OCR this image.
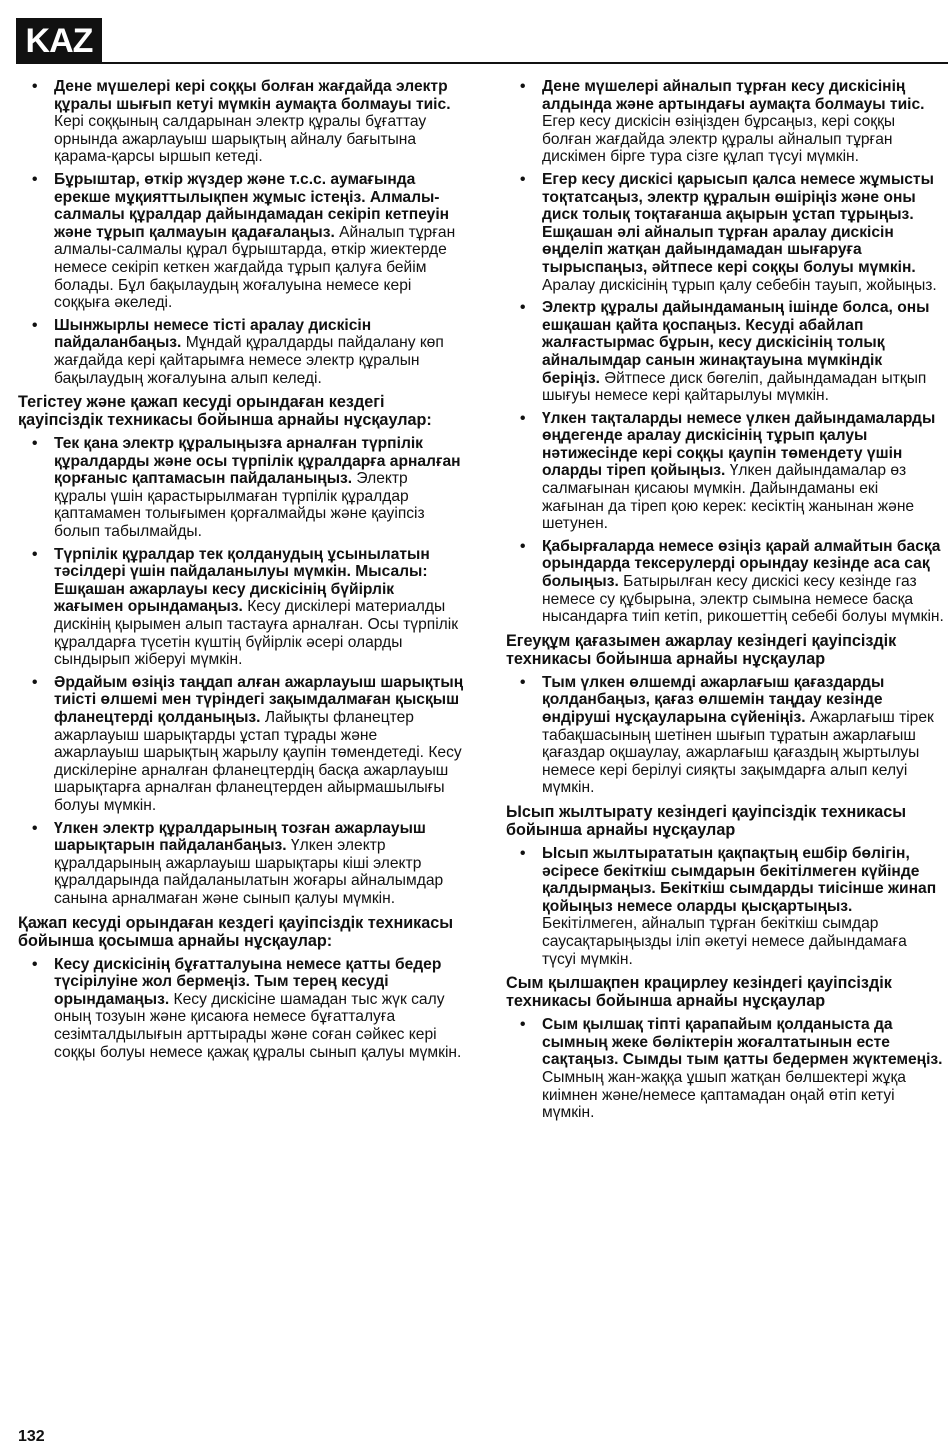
KAZ
• Дене мүшелері кері соққы болған жағдайда электр құралы шығып кетуі мүмкін аумақта болмауы тиіс. Кері соққының салдарынан электр құралы бұғаттау орнында ажарлауыш шарықтың айналу бағытына қарама-қарсы ыршып кетеді.
• Бұрыштар, өткір жүздер және т.с.с. аумағында ерекше мұқияттылықпен жұмыс істеңіз. Алмалы-салмалы құралдар дайындамадан секіріп кетпеуін және тұрып қалмауын қадағалаңыз. Айналып тұрған алмалы-салмалы құрал бұрыштарда, өткір жиектерде немесе секіріп кеткен жағдайда тұрып қалуға бейім болады. Бұл бақылаудың жоғалуына немесе кері соққыға әкеледі.
• Шынжырлы немесе тісті аралау дискісін пайдаланбаңыз. Мұндай құралдарды пайдалану көп жағдайда кері қайтарымға немесе электр құралын бақылаудың жоғалуына алып келеді.
Тегістеу және қажап кесуді орындаған кездегі қауіпсіздік техникасы бойынша арнайы нұсқаулар:
• Тек қана электр құралыңызға арналған түрпілік құралдарды және осы түрпілік құралдарға арналған қорғаныс қаптамасын пайдаланыңыз. Электр құралы үшін қарастырылмаған түрпілік құралдар қаптамамен толығымен қорғалмайды және қауіпсіз болып табылмайды.
• Түрпілік құралдар тек қолданудың ұсынылатын тәсілдері үшін пайдаланылуы мүмкін. Мысалы: Ешқашан ажарлауы кесу дискісінің бүйірлік жағымен орындамаңыз. Кесу дискілері материалды дискінің қырымен алып тастауға арналған. Осы түрпілік құралдарға түсетін күштің бүйірлік әсері оларды сындырып жіберуі мүмкін.
• Әрдайым өзіңіз таңдап алған ажарлауыш шарықтың тиісті өлшемі мен түріндегі зақымдалмаған қысқыш фланецтерді қолданыңыз. Лайықты фланецтер ажарлауыш шарықтарды ұстап тұрады және ажарлауыш шарықтың жарылу қаупін төмендетеді. Кесу дискілеріне арналған фланецтердің басқа ажарлауыш шарықтарға арналған фланецтерден айырмашылығы болуы мүмкін.
• Үлкен электр құралдарының тозған ажарлауыш шарықтарын пайдаланбаңыз. Үлкен электр құралдарының ажарлауыш шарықтары кіші электр құралдарында пайдаланылатын жоғары айналымдар санына арналмаған және сынып қалуы мүмкін.
Қажап кесуді орындаған кездегі қауіпсіздік техникасы бойынша қосымша арнайы нұсқаулар:
• Кесу дискісінің бұғатталуына немесе қатты бедер түсірілуіне жол бермеңіз. Тым терең кесуді орындамаңыз. Кесу дискісіне шамадан тыс жүк салу оның тозуын және қисаюға немесе бұғатталуға сезімталдылығын арттырады және соған сәйкес кері соққы болуы немесе қажақ құралы сынып қалуы мүмкін.
• Дене мүшелері айналып тұрған кесу дискісінің алдында және артындағы аумақта болмауы тиіс. Егер кесу дискісін өзіңізден бұрсаңыз, кері соққы болған жағдайда электр құралы айналып тұрған дискімен бірге тура сізге құлап түсуі мүмкін.
• Егер кесу дискісі қарысып қалса немесе жұмысты тоқтатсаңыз, электр құралын өшіріңіз және оны диск толық тоқтағанша ақырын ұстап тұрыңыз. Ешқашан әлі айналып тұрған аралау дискісін өңделіп жатқан дайындамадан шығаруға тырыспаңыз, әйтпесе кері соққы болуы мүмкін. Аралау дискісінің тұрып қалу себебін тауып, жойыңыз.
• Электр құралы дайындаманың ішінде болса, оны ешқашан қайта қоспаңыз. Кесуді абайлап жалғастырмас бұрын, кесу дискісінің толық айналымдар санын жинақтауына мүмкіндік беріңіз. Әйтпесе диск бөгеліп, дайындамадан ытқып шығуы немесе кері қайтарылуы мүмкін.
• Үлкен тақталарды немесе үлкен дайындамаларды өңдегенде аралау дискісінің тұрып қалуы нәтижесінде кері соққы қаупін төмендету үшін оларды тіреп қойыңыз. Үлкен дайындамалар өз салмағынан қисаюы мүмкін. Дайындаманы екі жағынан да тіреп қою керек: кесіктің жанынан және шетунен.
• Қабырғаларда немесе өзіңіз қарай алмайтын басқа орындарда тексерулерді орындау кезінде аса сақ болыңыз. Батырылған кесу дискісі кесу кезінде газ немесе су құбырына, электр сымына немесе басқа нысандарға тиіп кетіп, рикошеттің себебі болуы мүмкін.
Егеуқұм қағазымен ажарлау кезіндегі қауіпсіздік техникасы бойынша арнайы нұсқаулар
• Тым үлкен өлшемді ажарлағыш қағаздарды қолданбаңыз, қағаз өлшемін таңдау кезінде өндіруші нұсқауларына сүйеніңіз. Ажарлағыш тірек табақшасының шетінен шығып тұратын ажарлағыш қағаздар оқшаулау, ажарлағыш қағаздың жыртылуы немесе кері берілуі сияқты зақымдарға алып келуі мүмкін.
Ысып жылтырату кезіндегі қауіпсіздік техникасы бойынша арнайы нұсқаулар
• Ысып жылтырататын қақпақтың ешбір бөлігін, әсіресе бекіткіш сымдарын бекітілмеген күйінде қалдырмаңыз. Бекіткіш сымдарды тиісінше жинап қойыңыз немесе оларды қысқартыңыз. Бекітілмеген, айналып тұрған бекіткіш сымдар саусақтарыңызды іліп әкетуі немесе дайындамаға түсуі мүмкін.
Сым қылшақпен крацирлеу кезіндегі қауіпсіздік техникасы бойынша арнайы нұсқаулар
• Сым қылшақ тіпті қарапайым қолданыста да сымның жеке бөліктерін жоғалтатынын есте сақтаңыз. Сымды тым қатты бедермен жүктемеңіз. Сымның жан-жаққа ұшып жатқан бөлшектері жұқа киімнен және/немесе қаптамадан оңай өтіп кетуі мүмкін.
132
